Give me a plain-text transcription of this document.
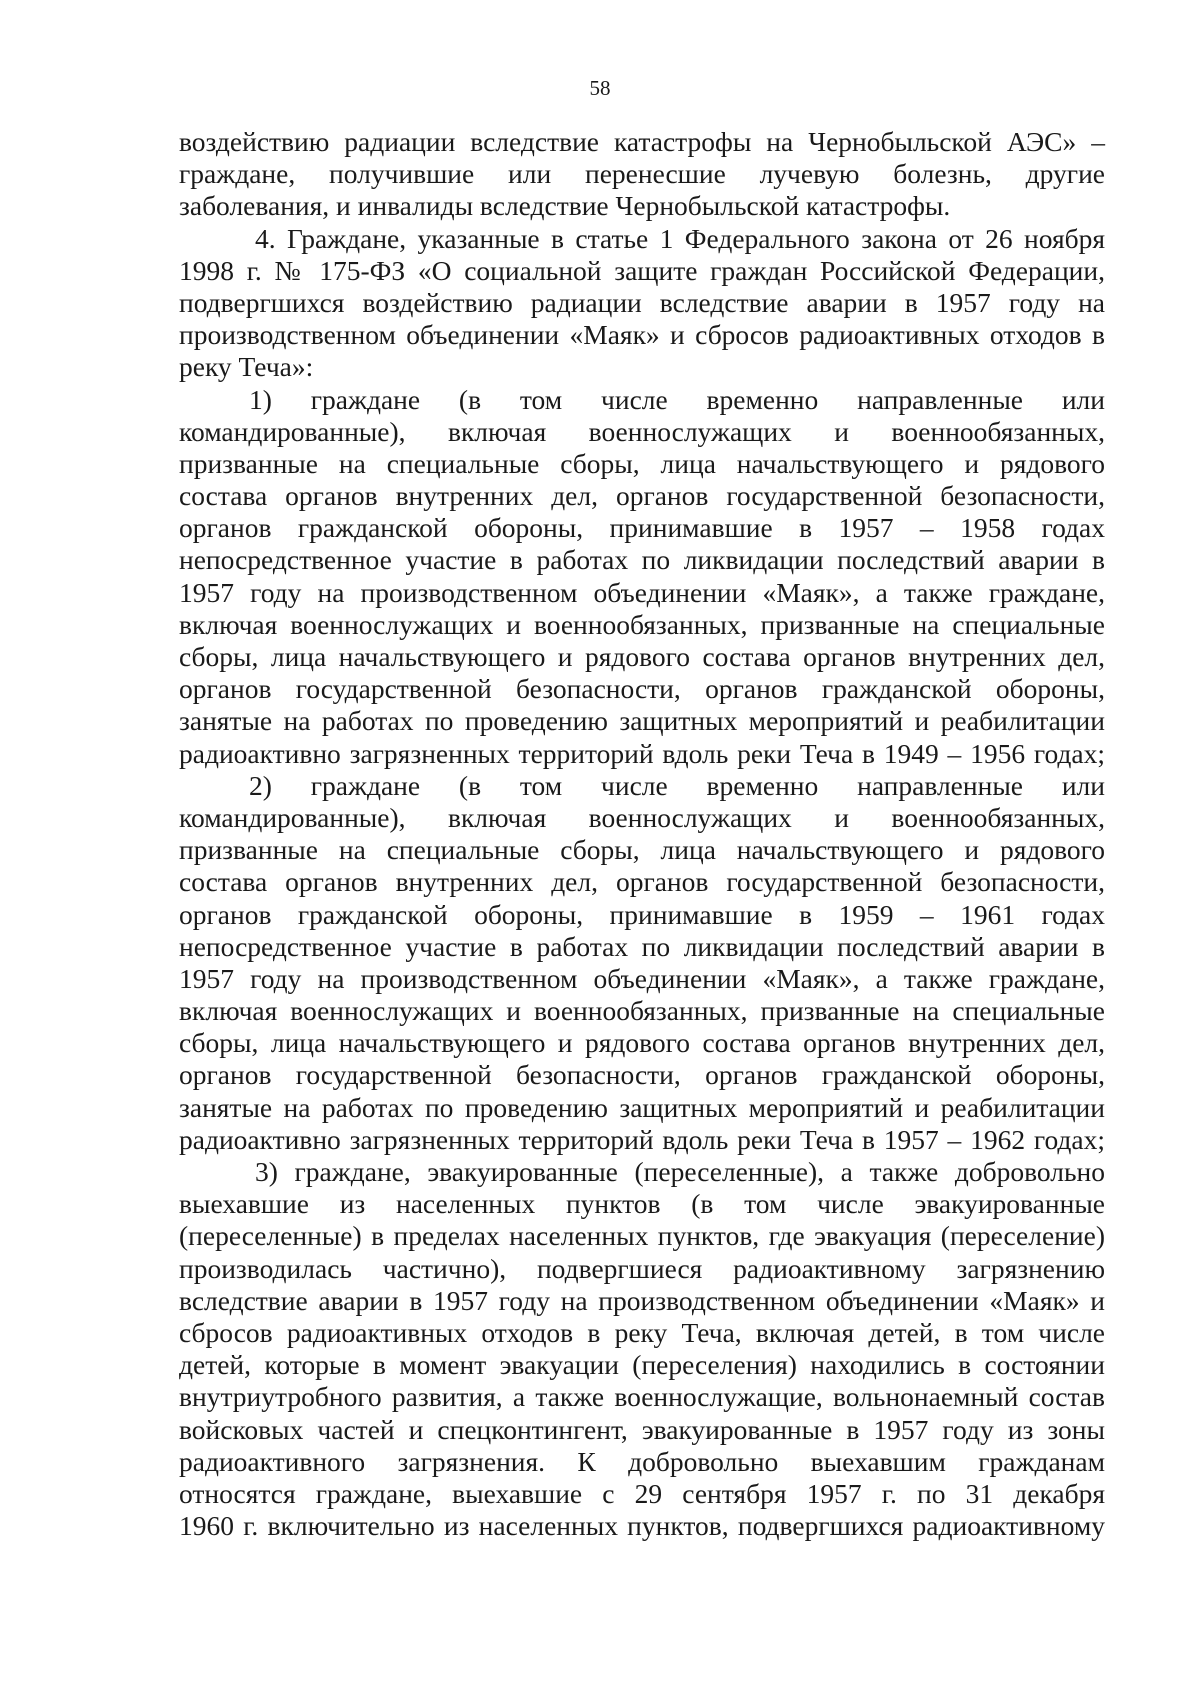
58
воздействию радиации вследствие катастрофы на Чернобыльской АЭС» –
граждане, получившие или перенесшие лучевую болезнь, другие
заболевания, и инвалиды вследствие Чернобыльской катастрофы.
4. Граждане, указанные в статье 1 Федерального закона от 26 ноября
1998 г. № 175-ФЗ «О социальной защите граждан Российской Федерации,
подвергшихся воздействию радиации вследствие аварии в 1957 году на
производственном объединении «Маяк» и сбросов радиоактивных отходов в
реку Теча»:
1) граждане (в том числе временно направленные или
командированные), включая военнослужащих и военнообязанных,
призванные на специальные сборы, лица начальствующего и рядового
состава органов внутренних дел, органов государственной безопасности,
органов гражданской обороны, принимавшие в 1957 – 1958 годах
непосредственное участие в работах по ликвидации последствий аварии в
1957 году на производственном объединении «Маяк», а также граждане,
включая военнослужащих и военнообязанных, призванные на специальные
сборы, лица начальствующего и рядового состава органов внутренних дел,
органов государственной безопасности, органов гражданской обороны,
занятые на работах по проведению защитных мероприятий и реабилитации
радиоактивно загрязненных территорий вдоль реки Теча в 1949 – 1956 годах;
2) граждане (в том числе временно направленные или
командированные), включая военнослужащих и военнообязанных,
призванные на специальные сборы, лица начальствующего и рядового
состава органов внутренних дел, органов государственной безопасности,
органов гражданской обороны, принимавшие в 1959 – 1961 годах
непосредственное участие в работах по ликвидации последствий аварии в
1957 году на производственном объединении «Маяк», а также граждане,
включая военнослужащих и военнообязанных, призванные на специальные
сборы, лица начальствующего и рядового состава органов внутренних дел,
органов государственной безопасности, органов гражданской обороны,
занятые на работах по проведению защитных мероприятий и реабилитации
радиоактивно загрязненных территорий вдоль реки Теча в 1957 – 1962 годах;
3) граждане, эвакуированные (переселенные), а также добровольно
выехавшие из населенных пунктов (в том числе эвакуированные
(переселенные) в пределах населенных пунктов, где эвакуация (переселение)
производилась частично), подвергшиеся радиоактивному загрязнению
вследствие аварии в 1957 году на производственном объединении «Маяк» и
сбросов радиоактивных отходов в реку Теча, включая детей, в том числе
детей, которые в момент эвакуации (переселения) находились в состоянии
внутриутробного развития, а также военнослужащие, вольнонаемный состав
войсковых частей и спецконтингент, эвакуированные в 1957 году из зоны
радиоактивного загрязнения. К добровольно выехавшим гражданам
относятся граждане, выехавшие с 29 сентября 1957 г. по 31 декабря
1960 г. включительно из населенных пунктов, подвергшихся радиоактивному
